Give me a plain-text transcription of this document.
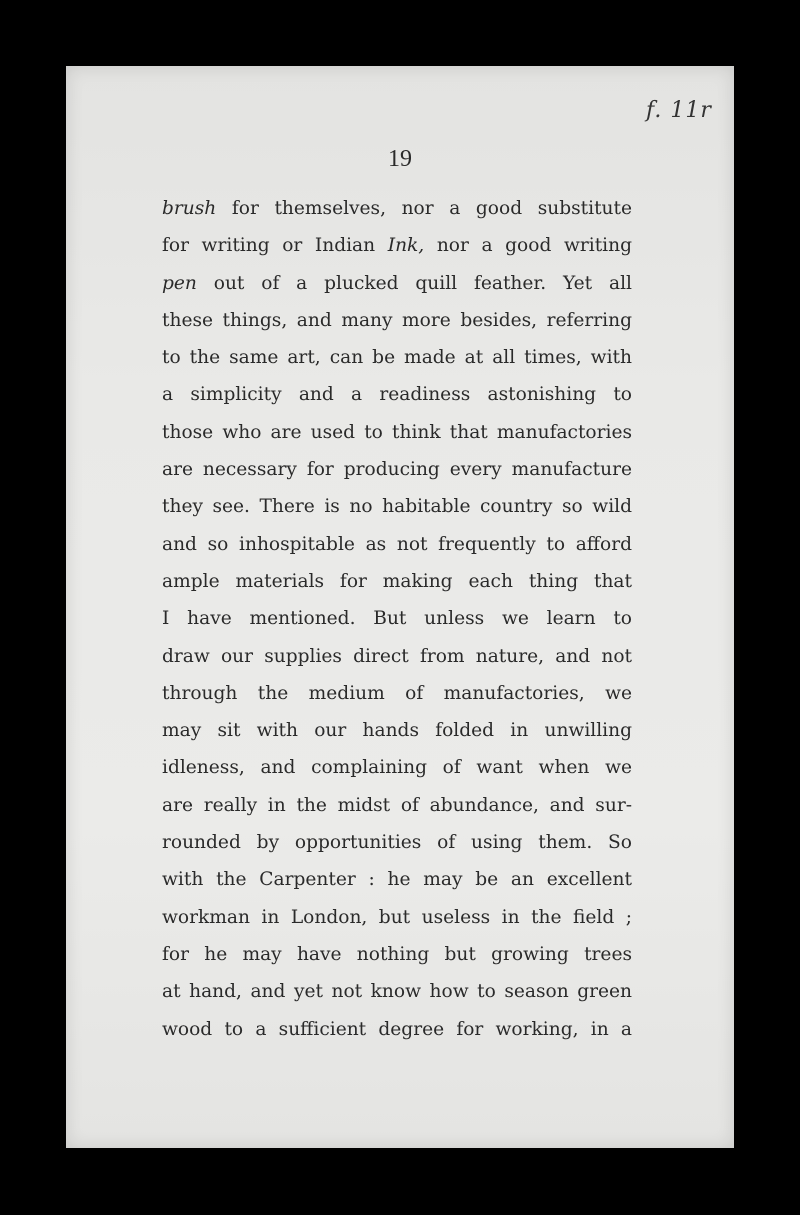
f. 11r
19
brush for themselves, nor a good substitute
for writing or Indian Ink, nor a good writing
pen out of a plucked quill feather. Yet all
these things, and many more besides, referring
to the same art, can be made at all times, with
a simplicity and a readiness astonishing to
those who are used to think that manufactories
are necessary for producing every manufacture
they see. There is no habitable country so wild
and so inhospitable as not frequently to afford
ample materials for making each thing that
I have mentioned. But unless we learn to
draw our supplies direct from nature, and not
through the medium of manufactories, we
may sit with our hands folded in unwilling
idleness, and complaining of want when we
are really in the midst of abundance, and sur-
rounded by opportunities of using them. So
with the Carpenter : he may be an excellent
workman in London, but useless in the field ;
for he may have nothing but growing trees
at hand, and yet not know how to season green
wood to a sufficient degree for working, in a
